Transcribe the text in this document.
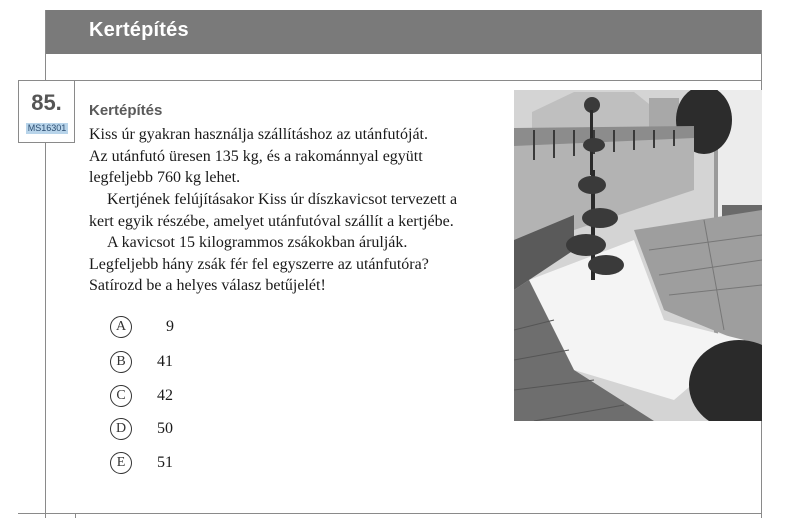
Kertépítés
85.
MS16301
Kertépítés
Kiss úr gyakran használja szállításhoz az utánfutóját.
Az utánfutó üresen 135 kg, és a rakománnyal együtt
legfeljebb 760 kg lehet.
Kertjének felújításakor Kiss úr díszkavicsot tervezett a
kert egyik részébe, amelyet utánfutóval szállít a kertjébe.
A kavicsot 15 kilogrammos zsákokban árulják.
Legfeljebb hány zsák fér fel egyszerre az utánfutóra?
Satírozd be a helyes válasz betűjelét!
A	9
B	41
C	42
D	50
E	51
